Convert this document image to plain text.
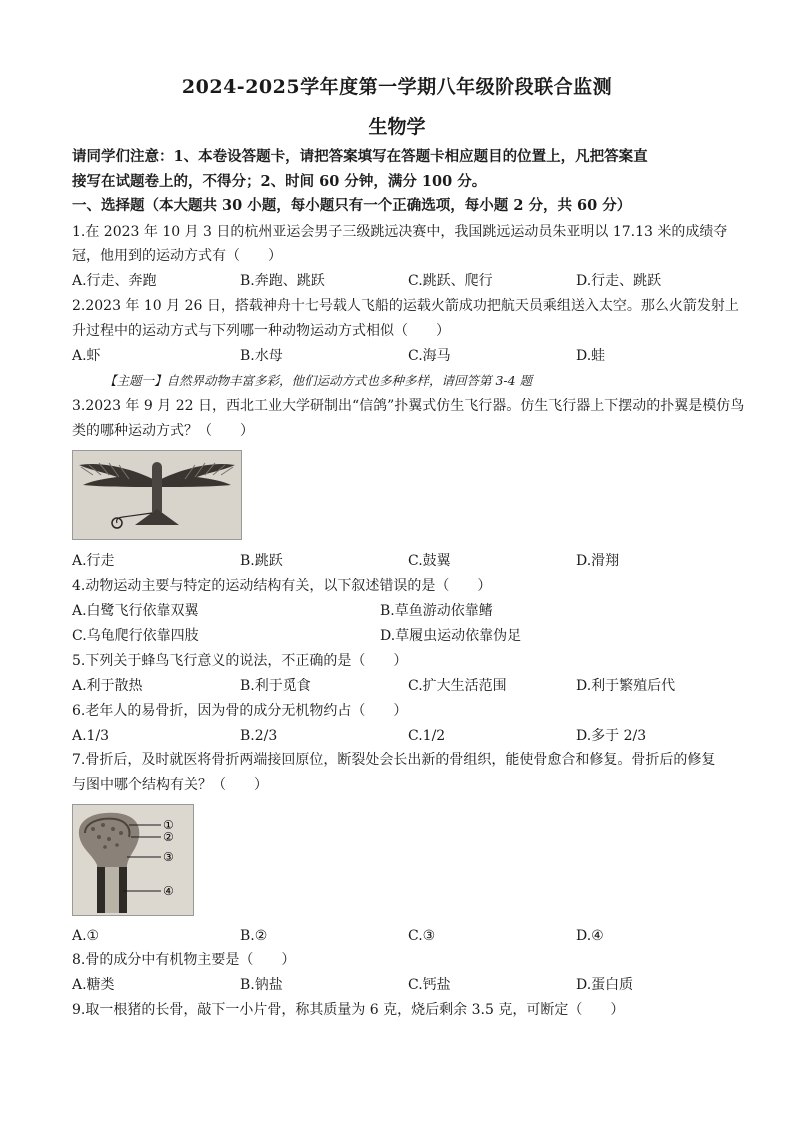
2024-2025学年度第一学期八年级阶段联合监测
生物学
请同学们注意：1、本卷设答题卡，请把答案填写在答题卡相应题目的位置上，凡把答案直
接写在试题卷上的，不得分；2、时间 60 分钟，满分 100 分。
一、选择题（本大题共 30 小题，每小题只有一个正确选项，每小题 2 分，共 60 分）
1.在 2023 年 10 月 3 日的杭州亚运会男子三级跳远决赛中，我国跳远运动员朱亚明以 17.13 米的成绩夺
冠，他用到的运动方式有（　　）
A.行走、奔跑	B.奔跑、跳跃	C.跳跃、爬行	D.行走、跳跃
2.2023 年 10 月 26 日，搭载神舟十七号载人飞船的运载火箭成功把航天员乘组送入太空。那么火箭发射上
升过程中的运动方式与下列哪一种动物运动方式相似（　　）
A.虾	B.水母	C.海马	D.蛙
【主题一】自然界动物丰富多彩，他们运动方式也多种多样，请回答第 3-4 题
3.2023 年 9 月 22 日，西北工业大学研制出“信鸽”扑翼式仿生飞行器。仿生飞行器上下摆动的扑翼是模仿鸟
类的哪种运动方式？（　　）
A.行走	B.跳跃	C.鼓翼	D.滑翔
4.动物运动主要与特定的运动结构有关，以下叙述错误的是（　　）
A.白鹭飞行依靠双翼	B.草鱼游动依靠鳍
C.乌龟爬行依靠四肢	D.草履虫运动依靠伪足
5.下列关于蜂鸟飞行意义的说法，不正确的是（　　）
A.利于散热	B.利于觅食	C.扩大生活范围	D.利于繁殖后代
6.老年人的易骨折，因为骨的成分无机物约占（　　）
A.1/3	B.2/3	C.1/2	D.多于 2/3
7.骨折后，及时就医将骨折两端接回原位，断裂处会长出新的骨组织，能使骨愈合和修复。骨折后的修复
与图中哪个结构有关？（　　）
①
②
③
④
A.①	B.②	C.③	D.④
8.骨的成分中有机物主要是（　　）
A.糖类	B.钠盐	C.钙盐	D.蛋白质
9.取一根猪的长骨，敲下一小片骨，称其质量为 6 克，烧后剩余 3.5 克，可断定（　　）
